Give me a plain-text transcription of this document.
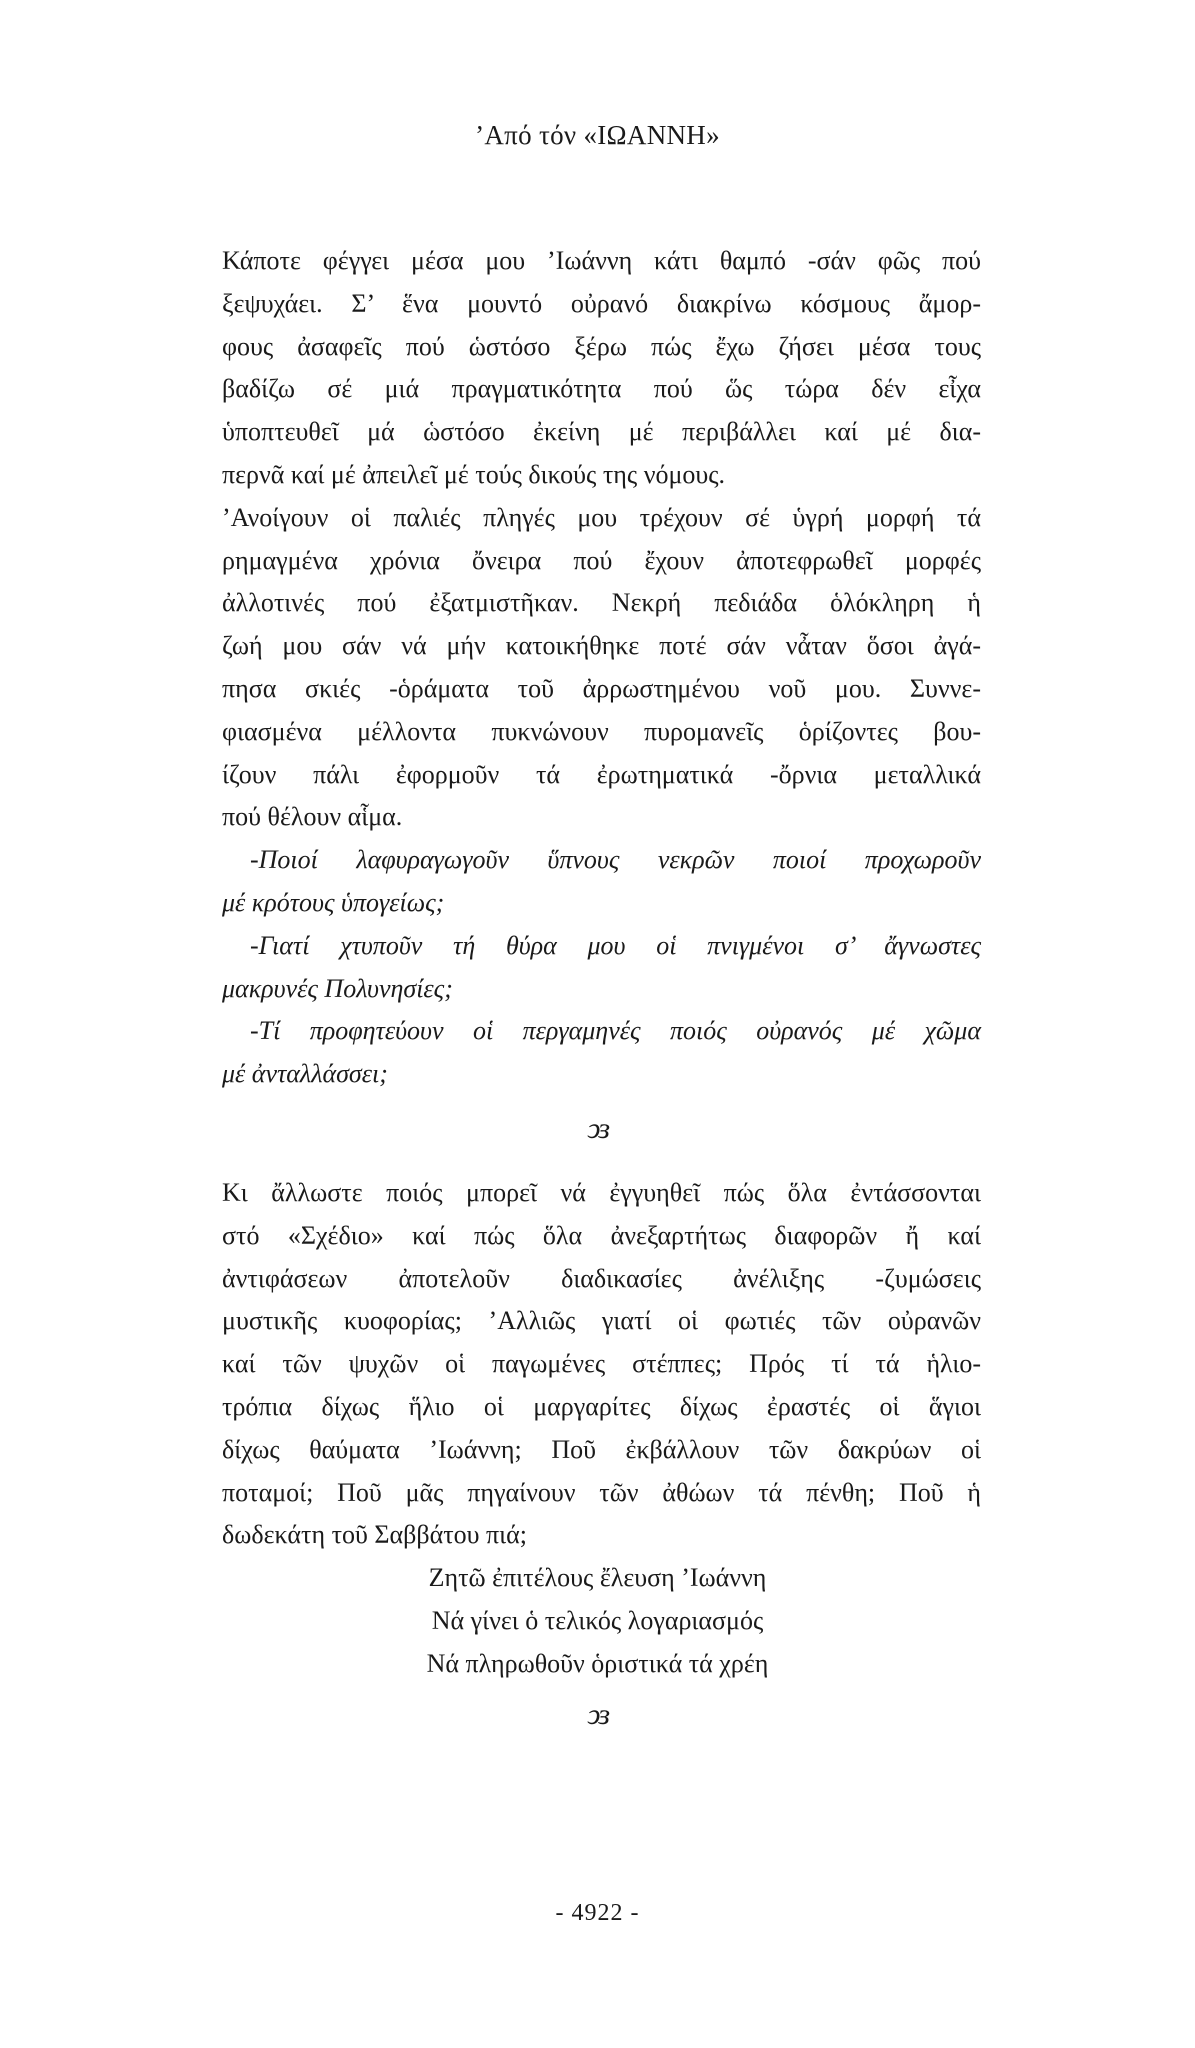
’Από τόν «ΙΩΑΝΝΗ»
Κάποτε φέγγει μέσα μου ’Ιωάννη κάτι θαμπό -σάν φῶς πού
ξεψυχάει. Σ’ ἕνα μουντό οὐρανό διακρίνω κόσμους ἄμορ-
φους ἀσαφεῖς πού ὡστόσο ξέρω πώς ἔχω ζήσει μέσα τους
βαδίζω σέ μιά πραγματικότητα πού ὥς τώρα δέν εἶχα
ὑποπτευθεῖ μά ὡστόσο ἐκείνη μέ περιβάλλει καί μέ δια-
περνᾶ καί μέ ἀπειλεῖ μέ τούς δικούς της νόμους.
’Ανοίγουν οἱ παλιές πληγές μου τρέχουν σέ ὑγρή μορφή τά
ρημαγμένα χρόνια ὄνειρα πού ἔχουν ἀποτεφρωθεῖ μορφές
ἀλλοτινές πού ἐξατμιστῆκαν. Νεκρή πεδιάδα ὁλόκληρη ἡ
ζωή μου σάν νά μήν κατοικήθηκε ποτέ σάν νἆταν ὅσοι ἀγά-
πησα σκιές -ὁράματα τοῦ ἀρρωστημένου νοῦ μου. Συννε-
φιασμένα μέλλοντα πυκνώνουν πυρομανεῖς ὁρίζοντες βου-
ίζουν πάλι ἐφορμοῦν τά ἐρωτηματικά -ὄρνια μεταλλικά
πού θέλουν αἷμα.
-Ποιοί λαφυραγωγοῦν ὕπνους νεκρῶν ποιοί προχωροῦν
μέ κρότους ὑπογείως;
-Γιατί χτυποῦν τή θύρα μου οἱ πνιγμένοι σ’ ἄγνωστες
μακρυνές Πολυνησίες;
-Τί προφητεύουν οἱ περγαμηνές ποιός οὐρανός μέ χῶμα
μέ ἀνταλλάσσει;
ↄɜ
Κι ἄλλωστε ποιός μπορεῖ νά ἐγγυηθεῖ πώς ὅλα ἐντάσσονται
στό «Σχέδιο» καί πώς ὅλα ἀνεξαρτήτως διαφορῶν ἤ καί
ἀντιφάσεων ἀποτελοῦν διαδικασίες ἀνέλιξης -ζυμώσεις
μυστικῆς κυοφορίας; ’Αλλιῶς γιατί οἱ φωτιές τῶν οὐρανῶν
καί τῶν ψυχῶν οἱ παγωμένες στέππες; Πρός τί τά ἡλιο-
τρόπια δίχως ἥλιο οἱ μαργαρίτες δίχως ἐραστές οἱ ἅγιοι
δίχως θαύματα ’Ιωάννη; Ποῦ ἐκβάλλουν τῶν δακρύων οἱ
ποταμοί; Ποῦ μᾶς πηγαίνουν τῶν ἀθώων τά πένθη; Ποῦ ἡ
δωδεκάτη τοῦ Σαββάτου πιά;
Ζητῶ ἐπιτέλους ἔλευση ’Ιωάννη
Νά γίνει ὁ τελικός λογαριασμός
Νά πληρωθοῦν ὁριστικά τά χρέη
ↄɜ
- 4922 -
